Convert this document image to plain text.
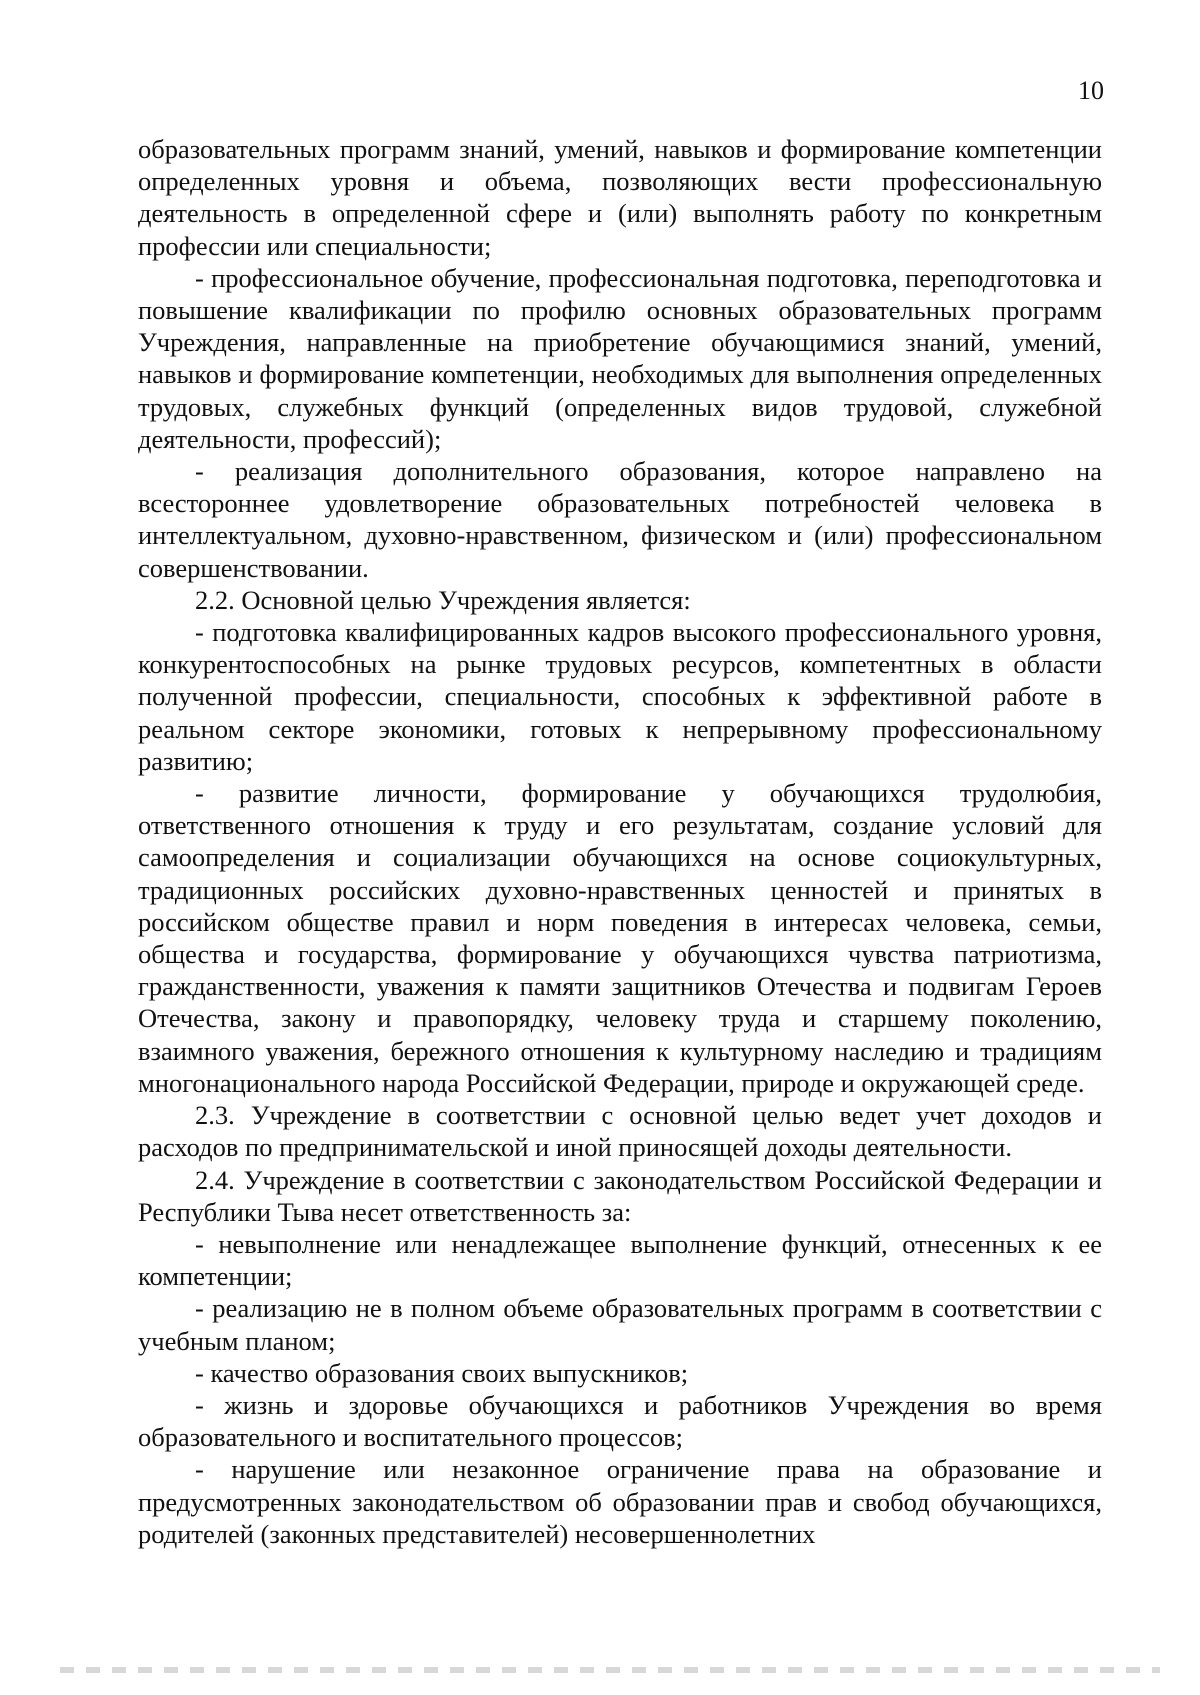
10

образовательных программ знаний, умений, навыков и формирование компетенции определенных уровня и объема, позволяющих вести профессиональную деятельность в определенной сфере и (или) выполнять работу по конкретным профессии или специальности;

- профессиональное обучение, профессиональная подготовка, переподготовка и повышение квалификации по профилю основных образовательных программ Учреждения, направленные на приобретение обучающимися знаний, умений, навыков и формирование компетенции, необходимых для выполнения определенных трудовых, служебных функций (определенных видов трудовой, служебной деятельности, профессий);

- реализация дополнительного образования, которое направлено на всестороннее удовлетворение образовательных потребностей человека в интеллектуальном, духовно-нравственном, физическом и (или) профессиональном совершенствовании.

2.2. Основной целью Учреждения является:

- подготовка квалифицированных кадров высокого профессионального уровня, конкурентоспособных на рынке трудовых ресурсов, компетентных в области полученной профессии, специальности, способных к эффективной работе в реальном секторе экономики, готовых к непрерывному профессиональному развитию;

- развитие личности, формирование у обучающихся трудолюбия, ответственного отношения к труду и его результатам, создание условий для самоопределения и социализации обучающихся на основе социокультурных, традиционных российских духовно-нравственных ценностей и принятых в российском обществе правил и норм поведения в интересах человека, семьи, общества и государства, формирование у обучающихся чувства патриотизма, гражданственности, уважения к памяти защитников Отечества и подвигам Героев Отечества, закону и правопорядку, человеку труда и старшему поколению, взаимного уважения, бережного отношения к культурному наследию и традициям многонационального народа Российской Федерации, природе и окружающей среде.

2.3. Учреждение в соответствии с основной целью ведет учет доходов и расходов по предпринимательской и иной приносящей доходы деятельности.

2.4. Учреждение в соответствии с законодательством Российской Федерации и Республики Тыва несет ответственность за:

- невыполнение или ненадлежащее выполнение функций, отнесенных к ее компетенции;

- реализацию не в полном объеме образовательных программ в соответствии с учебным планом;

- качество образования своих выпускников;

- жизнь и здоровье обучающихся и работников Учреждения во время образовательного и воспитательного процессов;

- нарушение или незаконное ограничение права на образование и предусмотренных законодательством об образовании прав и свобод обучающихся, родителей (законных представителей) несовершеннолетних
